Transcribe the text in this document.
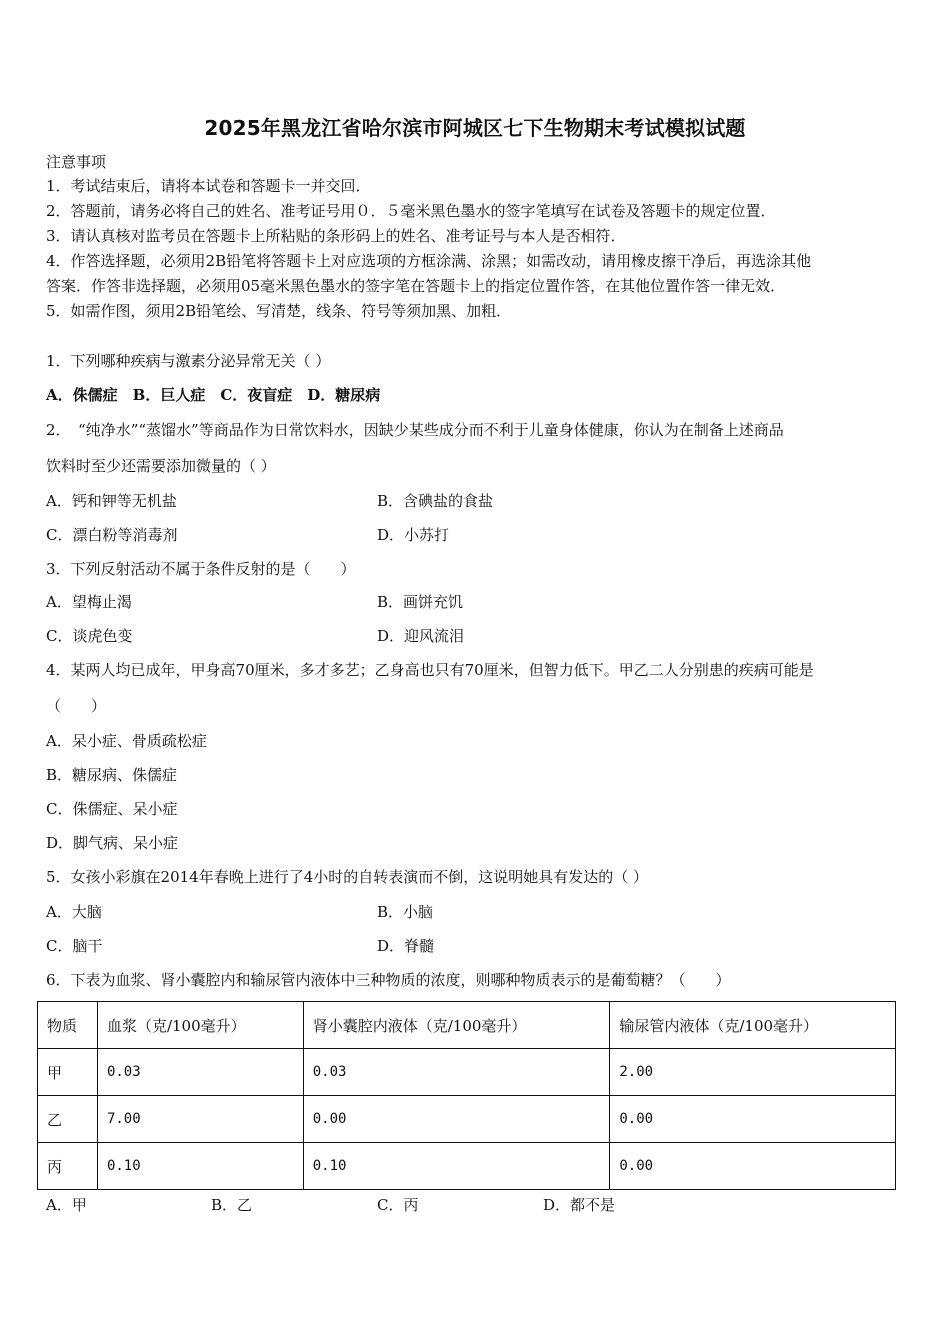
2025年黑龙江省哈尔滨市阿城区七下生物期末考试模拟试题
注意事项
1．考试结束后，请将本试卷和答题卡一并交回．
2．答题前，请务必将自己的姓名、准考证号用０．５毫米黑色墨水的签字笔填写在试卷及答题卡的规定位置．
3．请认真核对监考员在答题卡上所粘贴的条形码上的姓名、准考证号与本人是否相符．
4．作答选择题，必须用2B铅笔将答题卡上对应选项的方框涂满、涂黑；如需改动，请用橡皮擦干净后，再选涂其他
答案．作答非选择题，必须用05毫米黑色墨水的签字笔在答题卡上的指定位置作答，在其他位置作答一律无效．
5．如需作图，须用2B铅笔绘、写清楚，线条、符号等须加黑、加粗．
1．下列哪种疾病与激素分泌异常无关（ ）
A．侏儒症　B．巨人症　C．夜盲症　D．糖尿病
2．　“纯净水”“蒸馏水”等商品作为日常饮料水，因缺少某些成分而不利于儿童身体健康，你认为在制备上述商品
饮料时至少还需要添加微量的（ ）
A．钙和钾等无机盐	B．含碘盐的食盐
C．漂白粉等消毒剂	D．小苏打
3．下列反射活动不属于条件反射的是（　　）
A．望梅止渴	B．画饼充饥
C．谈虎色变	D．迎风流泪
4．某两人均已成年，甲身高70厘米，多才多艺；乙身高也只有70厘米，但智力低下。甲乙二人分别患的疾病可能是
（　　）
A．呆小症、骨质疏松症
B．糖尿病、侏儒症
C．侏儒症、呆小症
D．脚气病、呆小症
5．女孩小彩旗在2014年春晚上进行了4小时的自转表演而不倒，这说明她具有发达的（ ）
A．大脑	B．小脑
C．脑干	D．脊髓
6．下表为血浆、肾小囊腔内和输尿管内液体中三种物质的浓度，则哪种物质表示的是葡萄糖？（　　）
物质	血浆（克/100毫升）	肾小囊腔内液体（克/100毫升）	输尿管内液体（克/100毫升）
甲	0.03	0.03	2.00
乙	7.00	0.00	0.00
丙	0.10	0.10	0.00
A．甲	B．乙	C．丙	D．都不是
